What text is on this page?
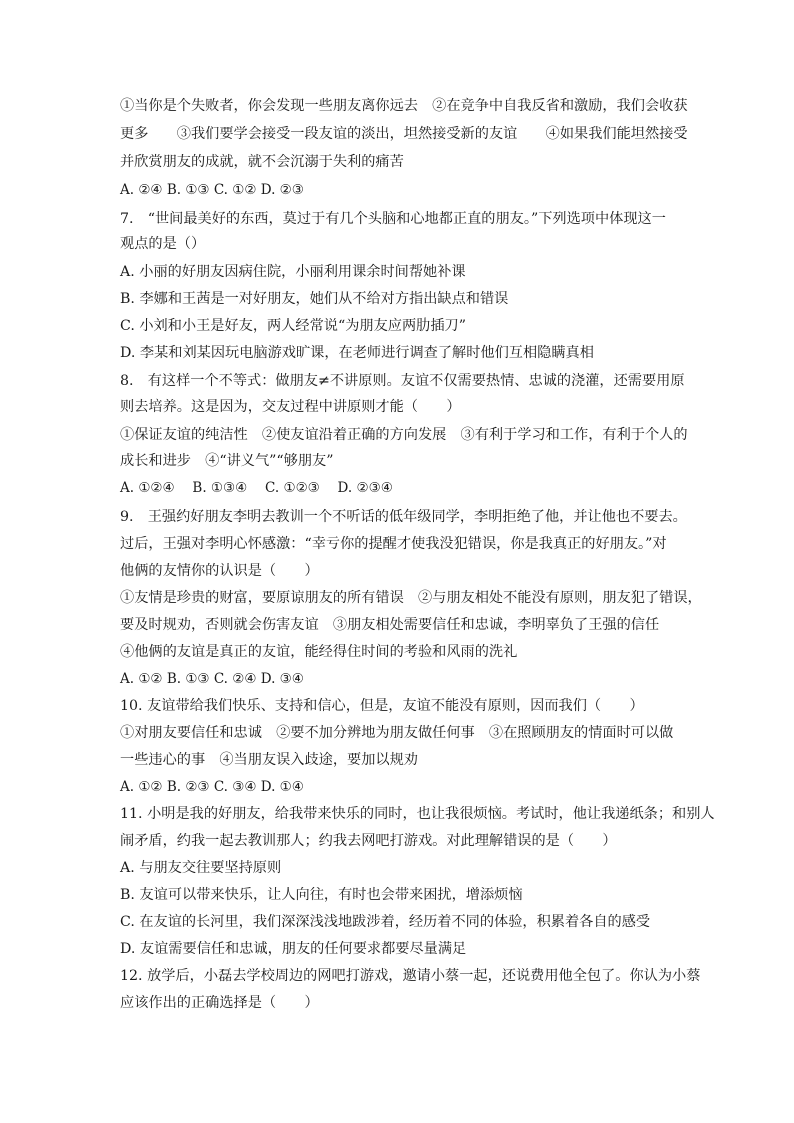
①当你是个失败者，你会发现一些朋友离你远去　②在竞争中自我反省和激励，我们会收获
更多　　③我们要学会接受一段友谊的淡出，坦然接受新的友谊　　④如果我们能坦然接受
并欣赏朋友的成就，就不会沉溺于失利的痛苦
A. ②④ B. ①③ C. ①② D. ②③
7.　“世间最美好的东西，莫过于有几个头脑和心地都正直的朋友。”下列选项中体现这一
观点的是（）
A. 小丽的好朋友因病住院，小丽利用课余时间帮她补课
B. 李娜和王茜是一对好朋友，她们从不给对方指出缺点和错误
C. 小刘和小王是好友，两人经常说“为朋友应两肋插刀”
D. 李某和刘某因玩电脑游戏旷课，在老师进行调查了解时他们互相隐瞒真相
8.　有这样一个不等式：做朋友≠不讲原则。友谊不仅需要热情、忠诚的浇灌，还需要用原
则去培养。这是因为，交友过程中讲原则才能（　　）
①保证友谊的纯洁性　②使友谊沿着正确的方向发展　③有利于学习和工作，有利于个人的
成长和进步　④“讲义气”“够朋友”
A. ①②④　 B. ①③④　 C. ①②③　 D. ②③④
9.　王强约好朋友李明去教训一个不听话的低年级同学，李明拒绝了他，并让他也不要去。
过后，王强对李明心怀感激：“幸亏你的提醒才使我没犯错误，你是我真正的好朋友。”对
他俩的友情你的认识是（　　）
①友情是珍贵的财富，要原谅朋友的所有错误　②与朋友相处不能没有原则，朋友犯了错误，
要及时规劝，否则就会伤害友谊　③朋友相处需要信任和忠诚，李明辜负了王强的信任
④他俩的友谊是真正的友谊，能经得住时间的考验和风雨的洗礼
A. ①② B. ①③ C. ②④ D. ③④
10. 友谊带给我们快乐、支持和信心，但是，友谊不能没有原则，因而我们（　　）
①对朋友要信任和忠诚　②要不加分辨地为朋友做任何事　③在照顾朋友的情面时可以做
一些违心的事　④当朋友误入歧途，要加以规劝
A. ①② B. ②③ C. ③④ D. ①④
11. 小明是我的好朋友，给我带来快乐的同时，也让我很烦恼。考试时，他让我递纸条；和别人
闹矛盾，约我一起去教训那人；约我去网吧打游戏。对此理解错误的是（　　）
A. 与朋友交往要坚持原则
B. 友谊可以带来快乐，让人向往，有时也会带来困扰，增添烦恼
C. 在友谊的长河里，我们深深浅浅地跋涉着，经历着不同的体验，积累着各自的感受
D. 友谊需要信任和忠诚，朋友的任何要求都要尽量满足
12. 放学后，小磊去学校周边的网吧打游戏，邀请小蔡一起，还说费用他全包了。你认为小蔡
应该作出的正确选择是（　　）
